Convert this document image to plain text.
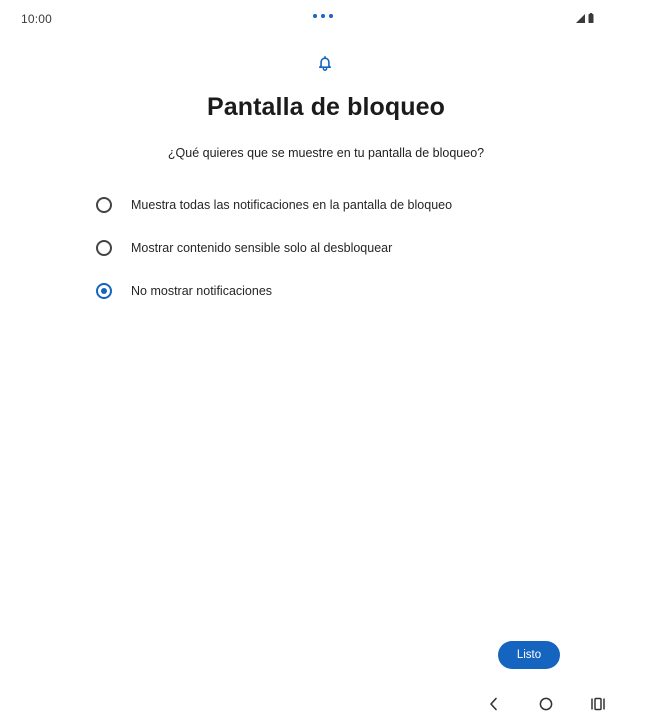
10:00
Pantalla de bloqueo

¿Qué quieres que se muestre en tu pantalla de bloqueo?

Muestra todas las notificaciones en la pantalla de bloqueo
Mostrar contenido sensible solo al desbloquear
No mostrar notificaciones
Listo
